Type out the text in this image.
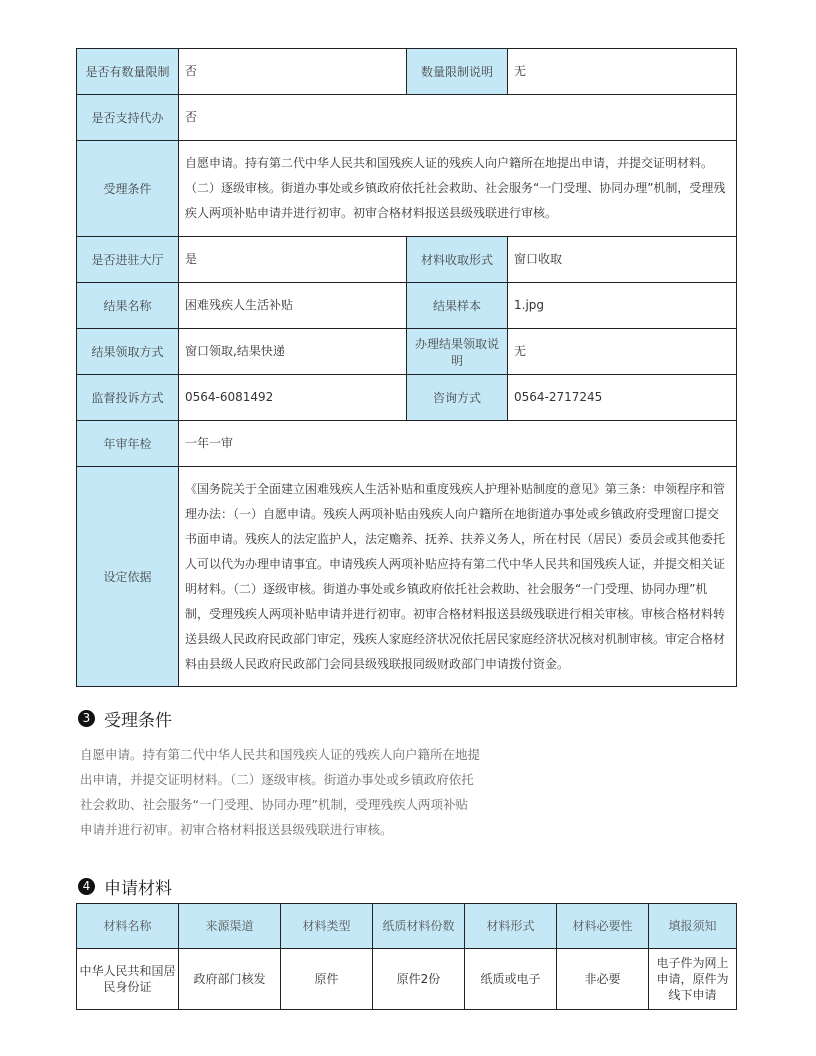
是否有数量限制	否	数量限制说明	无
是否支持代办	否		
受理条件	自愿申请。持有第二代中华人民共和国残疾人证的残疾人向户籍所在地提出申请，并提交证明材料。（二）逐级审核。街道办事处或乡镇政府依托社会救助、社会服务“一门受理、协同办理”机制，受理残疾人两项补贴申请并进行初审。初审合格材料报送县级残联进行审核。		
是否进驻大厅	是	材料收取形式	窗口收取
结果名称	困难残疾人生活补贴	结果样本	1.jpg
结果领取方式	窗口领取,结果快递	办理结果领取说明	无
监督投诉方式	0564-6081492	咨询方式	0564-2717245
年审年检	一年一审		
设定依据	《国务院关于全面建立困难残疾人生活补贴和重度残疾人护理补贴制度的意见》第三条：申领程序和管理办法：（一）自愿申请。残疾人两项补贴由残疾人向户籍所在地街道办事处或乡镇政府受理窗口提交书面申请。残疾人的法定监护人，法定赡养、抚养、扶养义务人，所在村民（居民）委员会或其他委托人可以代为办理申请事宜。申请残疾人两项补贴应持有第二代中华人民共和国残疾人证，并提交相关证明材料。（二）逐级审核。街道办事处或乡镇政府依托社会救助、社会服务“一门受理、协同办理”机制，受理残疾人两项补贴申请并进行初审。初审合格材料报送县级残联进行相关审核。审核合格材料转送县级人民政府民政部门审定，残疾人家庭经济状况依托居民家庭经济状况核对机制审核。审定合格材料由县级人民政府民政部门会同县级残联报同级财政部门申请拨付资金。		
3 受理条件
自愿申请。持有第二代中华人民共和国残疾人证的残疾人向户籍所在地提出申请，并提交证明材料。（二）逐级审核。街道办事处或乡镇政府依托社会救助、社会服务“一门受理、协同办理”机制，受理残疾人两项补贴申请并进行初审。初审合格材料报送县级残联进行审核。
4 申请材料
材料名称	来源渠道	材料类型	纸质材料份数	材料形式	材料必要性	填报须知
中华人民共和国居民身份证	政府部门核发	原件	原件2份	纸质或电子	非必要	电子件为网上申请，原件为线下申请
